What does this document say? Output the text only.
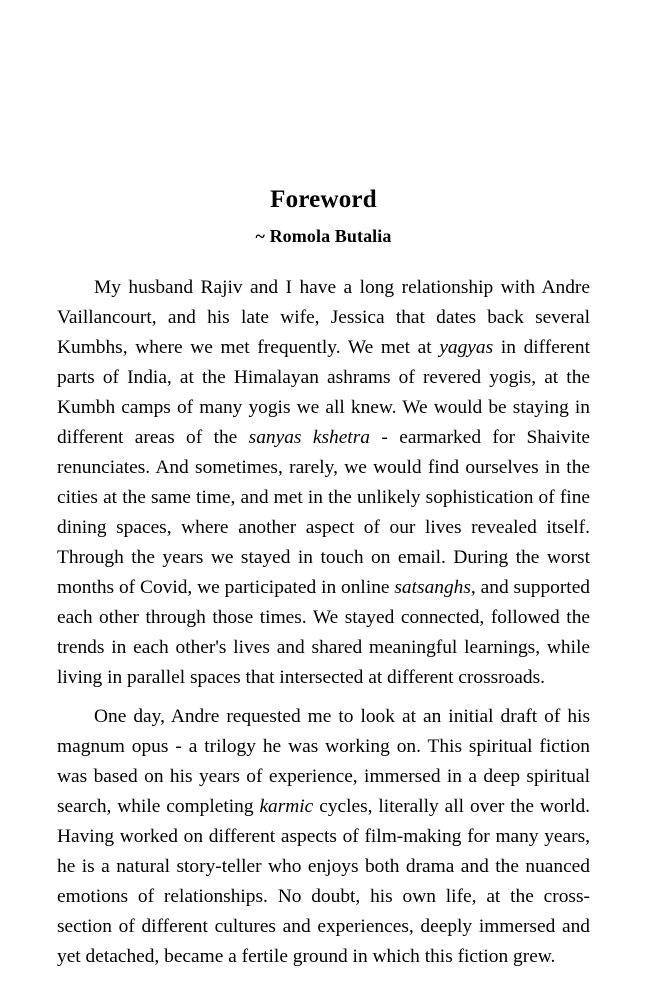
Foreword
~ Romola Butalia

My husband Rajiv and I have a long relationship with Andre Vaillancourt, and his late wife, Jessica that dates back several Kumbhs, where we met frequently. We met at yagyas in different parts of India, at the Himalayan ashrams of revered yogis, at the Kumbh camps of many yogis we all knew. We would be staying in different areas of the sanyas kshetra - earmarked for Shaivite renunciates. And sometimes, rarely, we would find ourselves in the cities at the same time, and met in the unlikely sophistication of fine dining spaces, where another aspect of our lives revealed itself. Through the years we stayed in touch on email. During the worst months of Covid, we participated in online satsanghs, and supported each other through those times. We stayed connected, followed the trends in each other's lives and shared meaningful learnings, while living in parallel spaces that intersected at different crossroads.

One day, Andre requested me to look at an initial draft of his magnum opus - a trilogy he was working on. This spiritual fiction was based on his years of experience, immersed in a deep spiritual search, while completing karmic cycles, literally all over the world. Having worked on different aspects of film-making for many years, he is a natural story-teller who enjoys both drama and the nuanced emotions of relationships. No doubt, his own life, at the cross-section of different cultures and experiences, deeply immersed and yet detached, became a fertile ground in which this fiction grew.
